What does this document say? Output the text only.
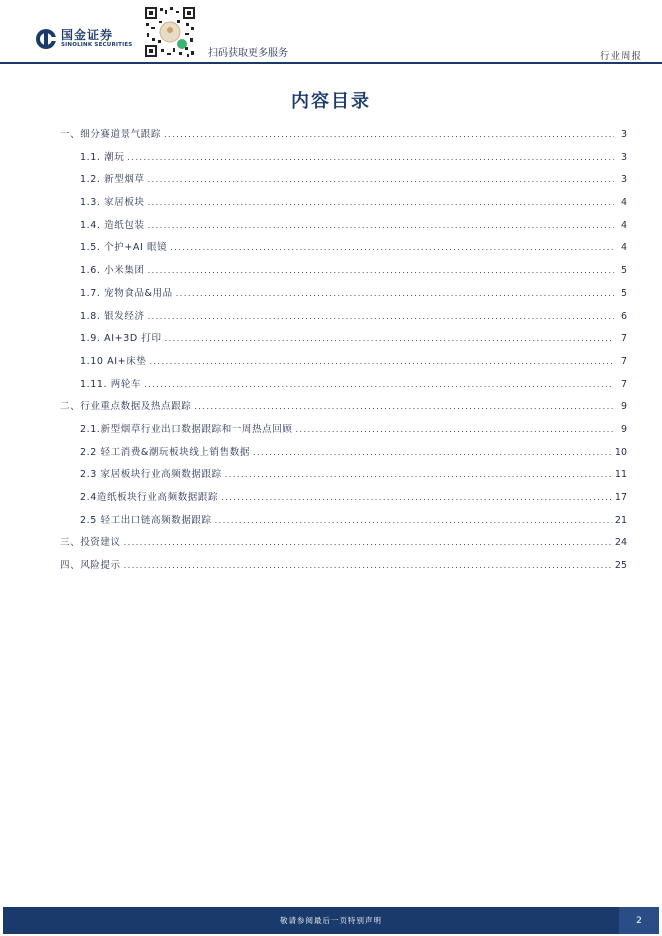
国金证券
SINOLINK SECURITIES
扫码获取更多服务	行业周报
内容目录
一、细分赛道景气跟踪 .....	3
1.1. 潮玩 .....	3
1.2. 新型烟草 .....	3
1.3. 家居板块 .....	4
1.4. 造纸包装 .....	4
1.5. 个护+AI 眼镜 .....	4
1.6. 小米集团 .....	5
1.7. 宠物食品&用品 .....	5
1.8. 银发经济 .....	6
1.9. AI+3D 打印 .....	7
1.10 AI+床垫 .....	7
1.11. 两轮车 .....	7
二、行业重点数据及热点跟踪 .....	9
2.1.新型烟草行业出口数据跟踪和一周热点回顾 .....	9
2.2 轻工消费&潮玩板块线上销售数据 .....	10
2.3 家居板块行业高频数据跟踪 .....	11
2.4造纸板块行业高频数据跟踪 .....	17
2.5 轻工出口链高频数据跟踪 .....	21
三、投资建议 .....	24
四、风险提示 .....	25
敬请参阅最后一页特别声明	2
